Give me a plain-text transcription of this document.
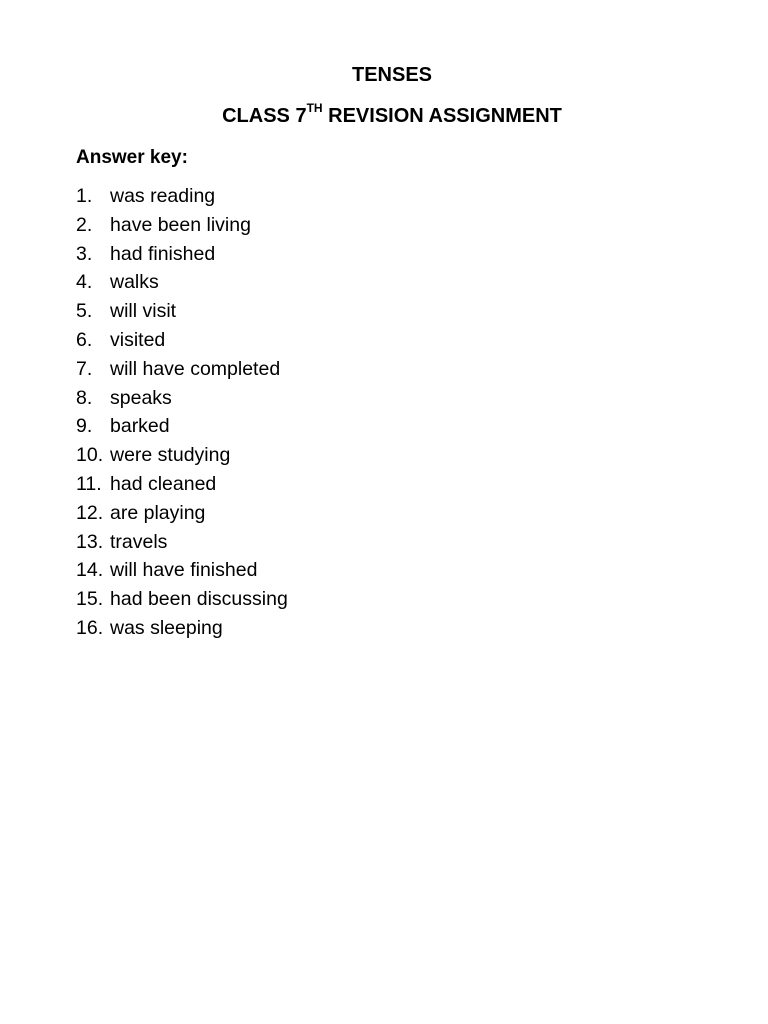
TENSES
CLASS 7TH REVISION ASSIGNMENT
Answer key:
1. was reading
2. have been living
3. had finished
4. walks
5. will visit
6. visited
7. will have completed
8. speaks
9. barked
10. were studying
11. had cleaned
12. are playing
13. travels
14. will have finished
15. had been discussing
16. was sleeping
